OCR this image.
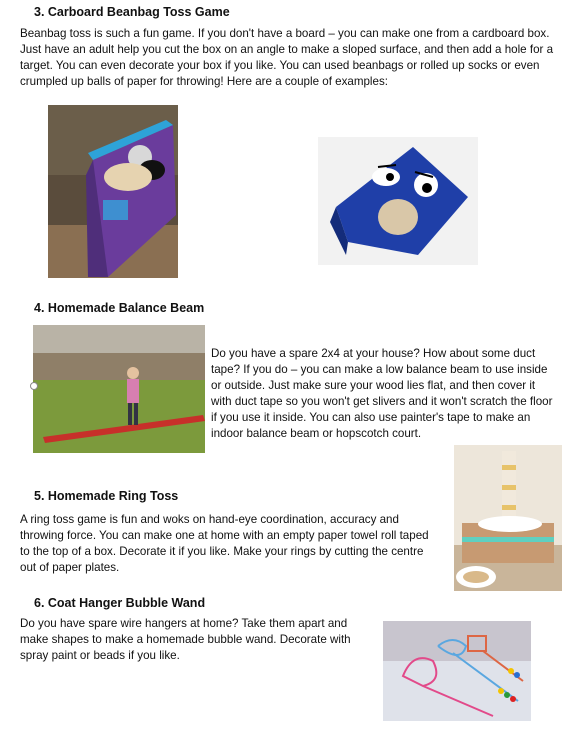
3. Carboard Beanbag Toss Game

Beanbag toss is such a fun game. If you don't have a board – you can make one from a cardboard box. Just have an adult help you cut the box on an angle to make a sloped surface, and then add a hole for a target. You can even decorate your box if you like. You can used beanbags or rolled up socks or even crumpled up balls of paper for throwing! Here are a couple of examples:

4. Homemade Balance Beam

Do you have a spare 2x4 at your house? How about some duct tape? If you do – you can make a low balance beam to use inside or outside. Just make sure your wood lies flat, and then cover it with duct tape so you won't get slivers and it won't scratch the floor if you use it inside. You can also use painter's tape to make an indoor balance beam or hopscotch court.

5. Homemade Ring Toss

A ring toss game is fun and woks on hand-eye coordination, accuracy and throwing force. You can make one at home with an empty paper towel roll taped to the top of a box. Decorate it if you like. Make your rings by cutting the centre out of paper plates.

6. Coat Hanger Bubble Wand

Do you have spare wire hangers at home? Take them apart and make shapes to make a homemade bubble wand. Decorate with spray paint or beads if you like.
